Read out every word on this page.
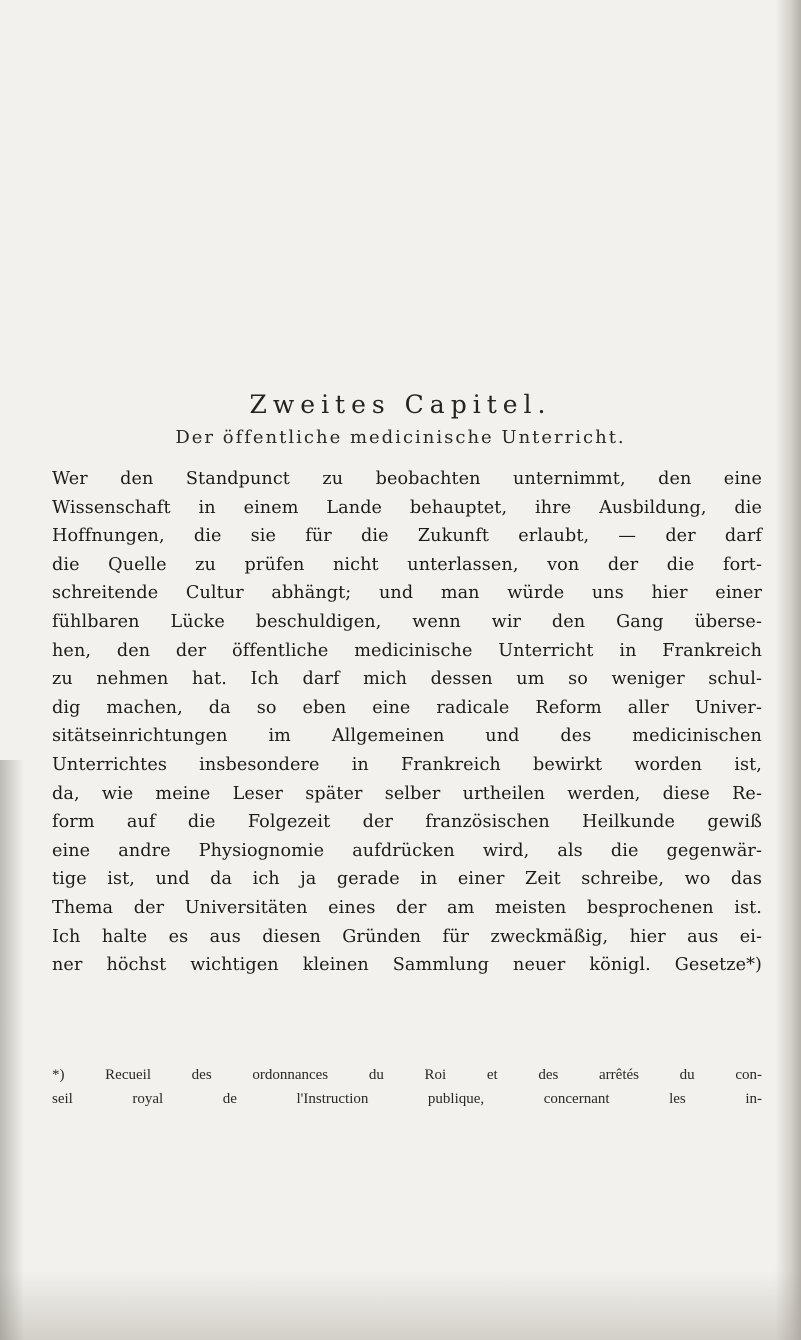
Zweites Capitel.
Der öffentliche medicinische Unterricht.
Wer den Standpunct zu beobachten unternimmt, den eine
Wissenschaft in einem Lande behauptet, ihre Ausbildung, die
Hoffnungen, die sie für die Zukunft erlaubt, — der darf
die Quelle zu prüfen nicht unterlassen, von der die fort-
schreitende Cultur abhängt; und man würde uns hier einer
fühlbaren Lücke beschuldigen, wenn wir den Gang überse-
hen, den der öffentliche medicinische Unterricht in Frankreich
zu nehmen hat. Ich darf mich dessen um so weniger schul-
dig machen, da so eben eine radicale Reform aller Univer-
sitätseinrichtungen im Allgemeinen und des medicinischen
Unterrichtes insbesondere in Frankreich bewirkt worden ist,
da, wie meine Leser später selber urtheilen werden, diese Re-
form auf die Folgezeit der französischen Heilkunde gewiß
eine andre Physiognomie aufdrücken wird, als die gegenwär-
tige ist, und da ich ja gerade in einer Zeit schreibe, wo das
Thema der Universitäten eines der am meisten besprochenen ist.
Ich halte es aus diesen Gründen für zweckmäßig, hier aus ei-
ner höchst wichtigen kleinen Sammlung neuer königl. Gesetze*)
*) Recueil des ordonnances du Roi et des arrêtés du con-
seil royal de l'Instruction publique, concernant les in-
